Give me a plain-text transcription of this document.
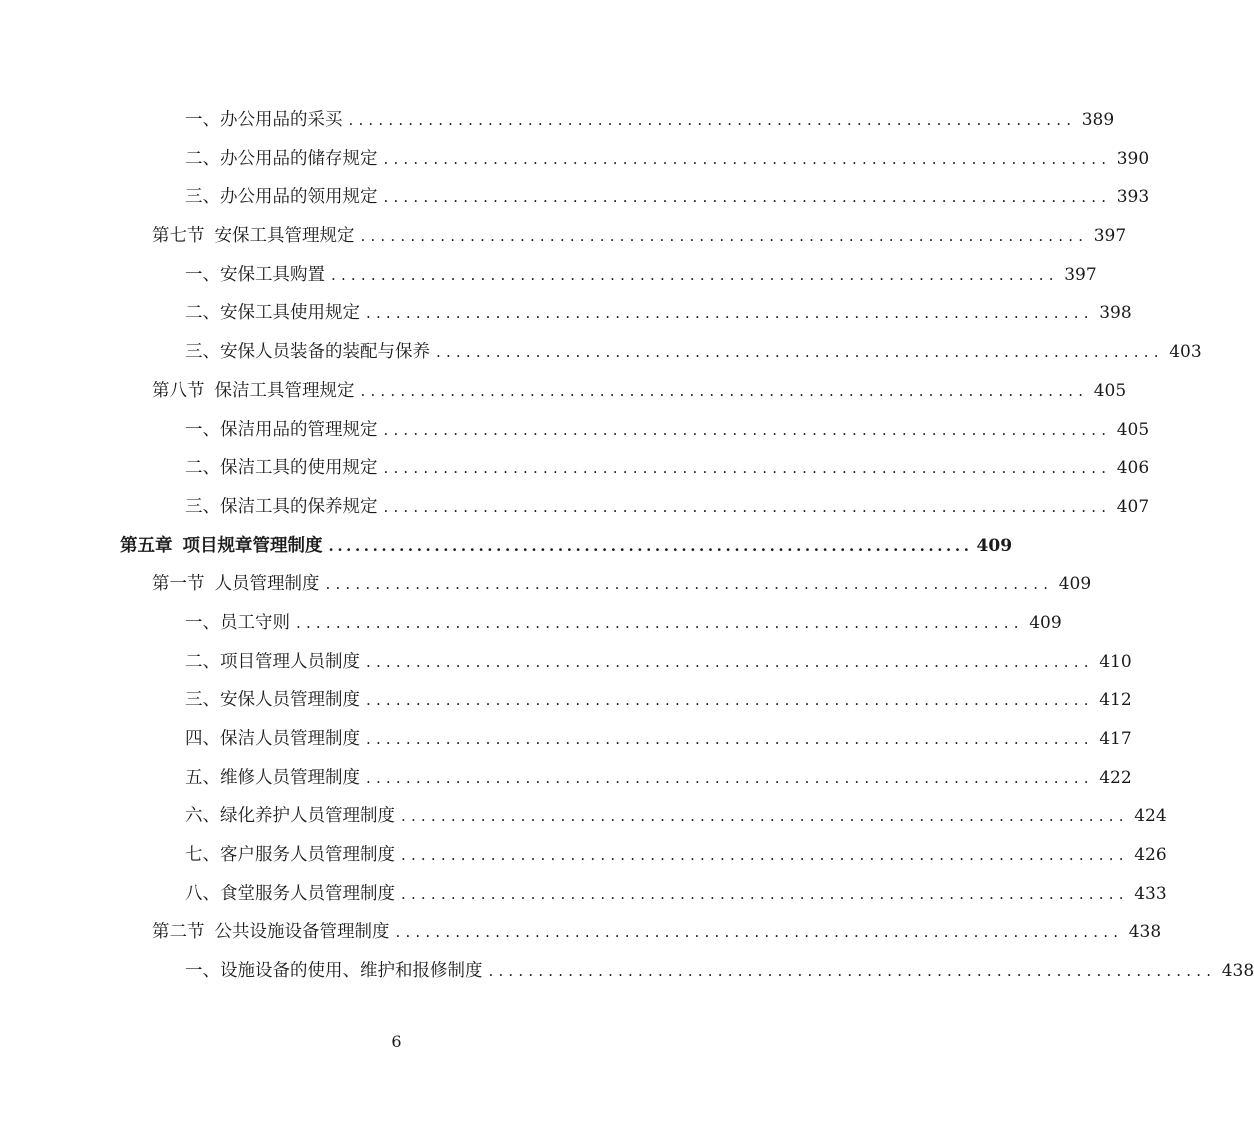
一、办公用品的采买 ......................................................................... 389
二、办公用品的储存规定 ......................................................................... 390
三、办公用品的领用规定 ......................................................................... 393
第七节 安保工具管理规定 ......................................................................... 397
一、安保工具购置 ......................................................................... 397
二、安保工具使用规定 ......................................................................... 398
三、安保人员装备的装配与保养 ......................................................................... 403
第八节 保洁工具管理规定 ......................................................................... 405
一、保洁用品的管理规定 ......................................................................... 405
二、保洁工具的使用规定 ......................................................................... 406
三、保洁工具的保养规定 ......................................................................... 407
第五章 项目规章管理制度 ......................................................................... 409
第一节 人员管理制度 ......................................................................... 409
一、员工守则 ......................................................................... 409
二、项目管理人员制度 ......................................................................... 410
三、安保人员管理制度 ......................................................................... 412
四、保洁人员管理制度 ......................................................................... 417
五、维修人员管理制度 ......................................................................... 422
六、绿化养护人员管理制度 ......................................................................... 424
七、客户服务人员管理制度 ......................................................................... 426
八、食堂服务人员管理制度 ......................................................................... 433
第二节 公共设施设备管理制度 ......................................................................... 438
一、设施设备的使用、维护和报修制度 ......................................................................... 438
6
